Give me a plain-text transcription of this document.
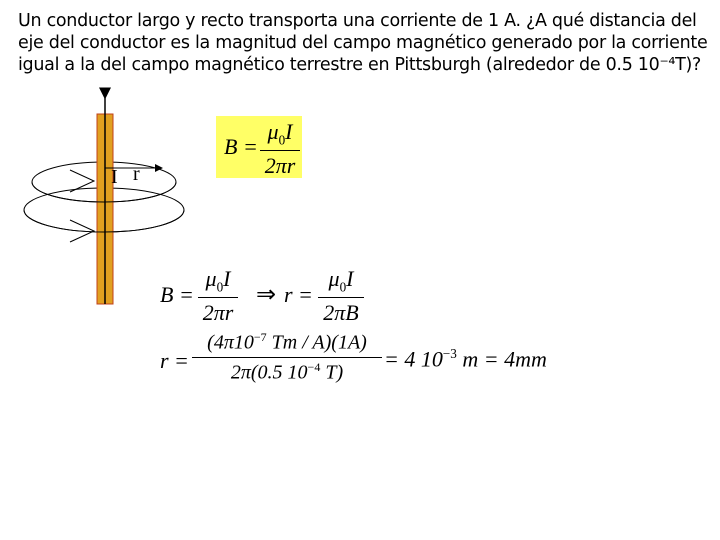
Un conductor largo y recto transporta una corriente de 1 A. ¿A qué distancia del
eje del conductor es la magnitud del campo magnético generado por la corriente
igual a la del campo magnético terrestre en Pittsburgh (alrededor de 0.5 10⁻⁴T)?
I r
B =
$\mu_0I$
2πr
B =
$\mu_0I$
2πr
⇒ r =
$\mu_0I$
2πB
r =
($4\pi 10^{-7}$ Tm / A)(1A)
2π(0.5 $10^{-4}$ T)
= 4 $10^{-3}$ m = 4mm
